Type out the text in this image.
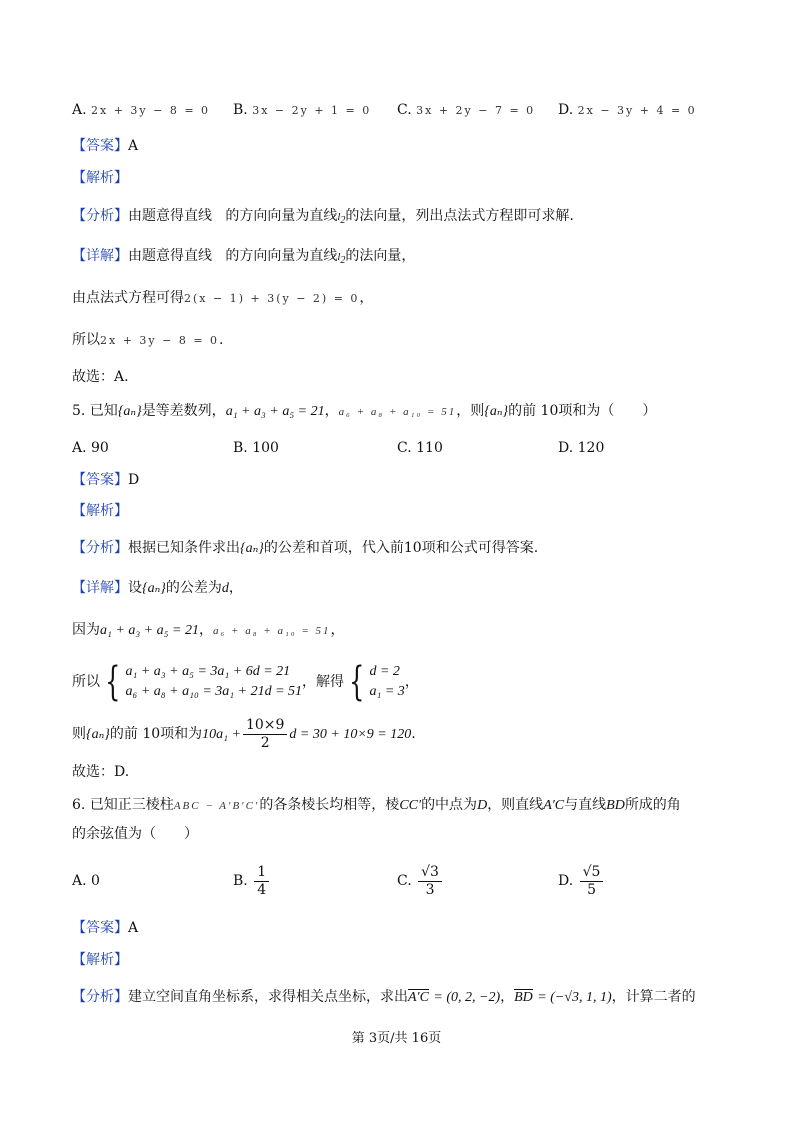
A. 2x + 3y − 8 = 0 B. 3x − 2y + 1 = 0 C. 3x + 2y − 7 = 0 D. 2x − 3y + 4 = 0
【答案】A
【解析】
【分析】由题意得直线 的方向向量为直线$l_2$的法向量，列出点法式方程即可求解.
【详解】由题意得直线 的方向向量为直线$l_2$的法向量，
由点法式方程可得2(x − 1) + 3(y − 2) = 0，
所以2x + 3y − 8 = 0.
故选：A.
5. 已知{aₙ}是等差数列，a₁ + a₃ + a₅ = 21，a₆ + a₈ + a₁₀ = 51，则{aₙ}的前 10项和为（　　）
A. 90	B. 100	C. 110	D. 120
【答案】D
【解析】
【分析】根据已知条件求出{aₙ}的公差和首项，代入前10项和公式可得答案.
【详解】设{aₙ}的公差为d，
因为a₁ + a₃ + a₅ = 21，a₆ + a₈ + a₁₀ = 51，
所以 { a₁ + a₃ + a₅ = 3a₁ + 6d = 21
a₆ + a₈ + a₁₀ = 3a₁ + 21d = 51
，解得 { d = 2
a₁ = 3
，
则{aₙ}的前 10项和为$10a_1 + \frac{10\times 9}{2}$ d = 30 + 10×9 = 120.
故选：D.
6. 已知正三棱柱ABC − A′B′C′的各条棱长均相等，棱CC′的中点为D，则直线A′C与直线BD所成的角
的余弦值为（　　）
A. 0	B. $\frac{1}{4}$	C. $\frac{√3}{3}$	D. $\frac{√5}{5}$
【答案】A
【解析】
【分析】建立空间直角坐标系，求得相关点坐标，求出A′C = (0, 2, −2)，BD = (−√3, 1, 1)，计算二者的
第 3页/共 16页
